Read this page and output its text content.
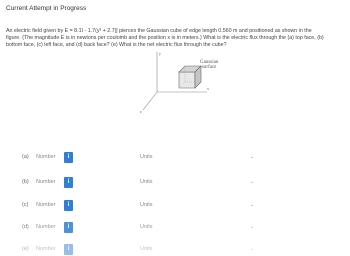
Current Attempt in Progress
An electric field given by E = 8.1î - 1.7(y² + 2.7)ĵ pierces the Gaussian cube of edge length 0.560 m and positioned as shown in the
figure. (The magnitude E is in newtons per coulomb and the position x is in meters.) What is the electric flux through the (a) top face, (b)
bottom face, (c) left face, and (d) back face? (e) What is the net electric flux through the cube?
y
x
z
Gaussian
surface
(a)	Number	i	Units	⌄
(b)	Number	i	Units	⌄
(c)	Number	i	Units	⌄
(d)	Number	i	Units	⌄
(e)	Number	i	Units	⌄
